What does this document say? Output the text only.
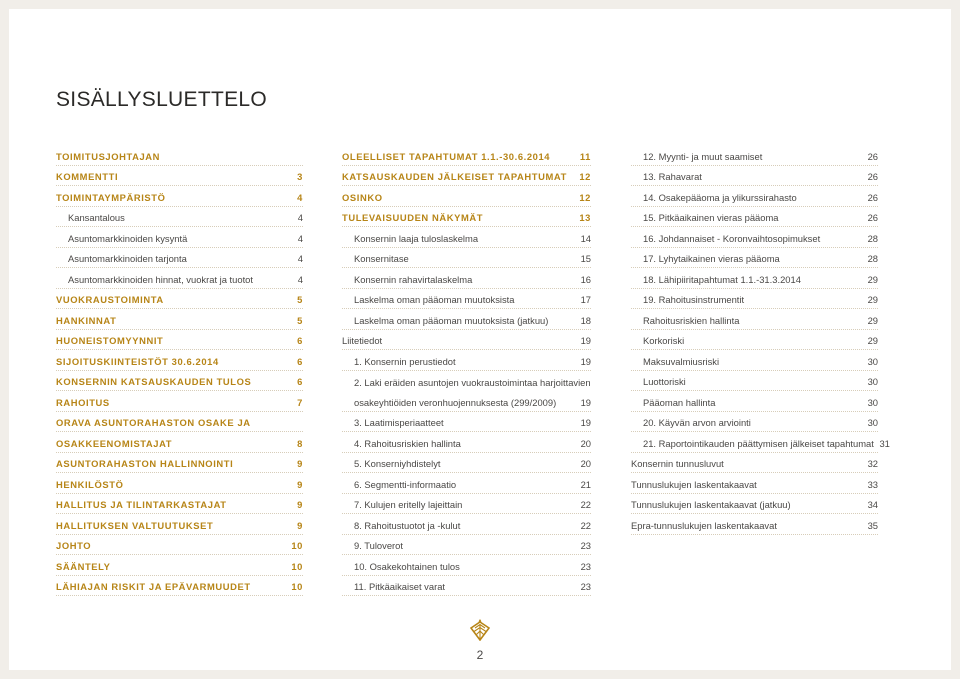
SISÄLLYSLUETTELO
TOIMITUSJOHTAJAN
KOMMENTTI	3
TOIMINTAYMPÄRISTÖ	4
Kansantalous	4
Asuntomarkkinoiden kysyntä	4
Asuntomarkkinoiden tarjonta	4
Asuntomarkkinoiden hinnat, vuokrat ja tuotot	4
VUOKRAUSTOIMINTA	5
HANKINNAT	5
HUONEISTOMYYNNIT	6
SIJOITUSKIINTEISTÖT 30.6.2014	6
KONSERNIN KATSAUSKAUDEN TULOS	6
RAHOITUS	7
ORAVA ASUNTORAHASTON OSAKE JA
OSAKKEENOMISTAJAT	8
ASUNTORAHASTON HALLINNOINTI	9
HENKILÖSTÖ	9
HALLITUS JA TILINTARKASTAJAT	9
HALLITUKSEN VALTUUTUKSET	9
JOHTO	10
SÄÄNTELY	10
LÄHIAJAN RISKIT JA EPÄVARMUUDET	10
OLEELLISET TAPAHTUMAT 1.1.-30.6.2014	11
KATSAUSKAUDEN JÄLKEISET TAPAHTUMAT	12
OSINKO	12
TULEVAISUUDEN NÄKYMÄT	13
Konsernin laaja tuloslaskelma	14
Konsernitase	15
Konsernin rahavirtalaskelma	16
Laskelma oman pääoman muutoksista	17
Laskelma oman pääoman muutoksista (jatkuu)	18
Liitetiedot	19
1. Konsernin perustiedot	19
2. Laki eräiden asuntojen vuokraustoimintaa harjoittavien
osakeyhtiöiden veronhuojennuksesta (299/2009)	19
3. Laatimisperiaatteet	19
4. Rahoitusriskien hallinta	20
5. Konserniyhdistelyt	20
6. Segmentti-informaatio	21
7. Kulujen eritelly lajeittain	22
8. Rahoitustuotot ja -kulut	22
9. Tuloverot	23
10. Osakekohtainen tulos	23
11. Pitkäaikaiset varat	23
12. Myynti- ja muut saamiset	26
13. Rahavarat	26
14. Osakepääoma ja ylikurssirahasto	26
15. Pitkäaikainen vieras pääoma	26
16. Johdannaiset - Koronvaihtosopimukset	28
17. Lyhytaikainen vieras pääoma	28
18. Lähipiiritapahtumat 1.1.-31.3.2014	29
19. Rahoitusinstrumentit	29
Rahoitusriskien hallinta	29
Korkoriski	29
Maksuvalmiusriski	30
Luottoriski	30
Pääoman hallinta	30
20. Käyvän arvon arviointi	30
21. Raportointikauden päättymisen jälkeiset tapahtumat 31
Konsernin tunnusluvut	32
Tunnuslukujen laskentakaavat	33
Tunnuslukujen laskentakaavat (jatkuu)	34
Epra-tunnuslukujen laskentakaavat	35
2
